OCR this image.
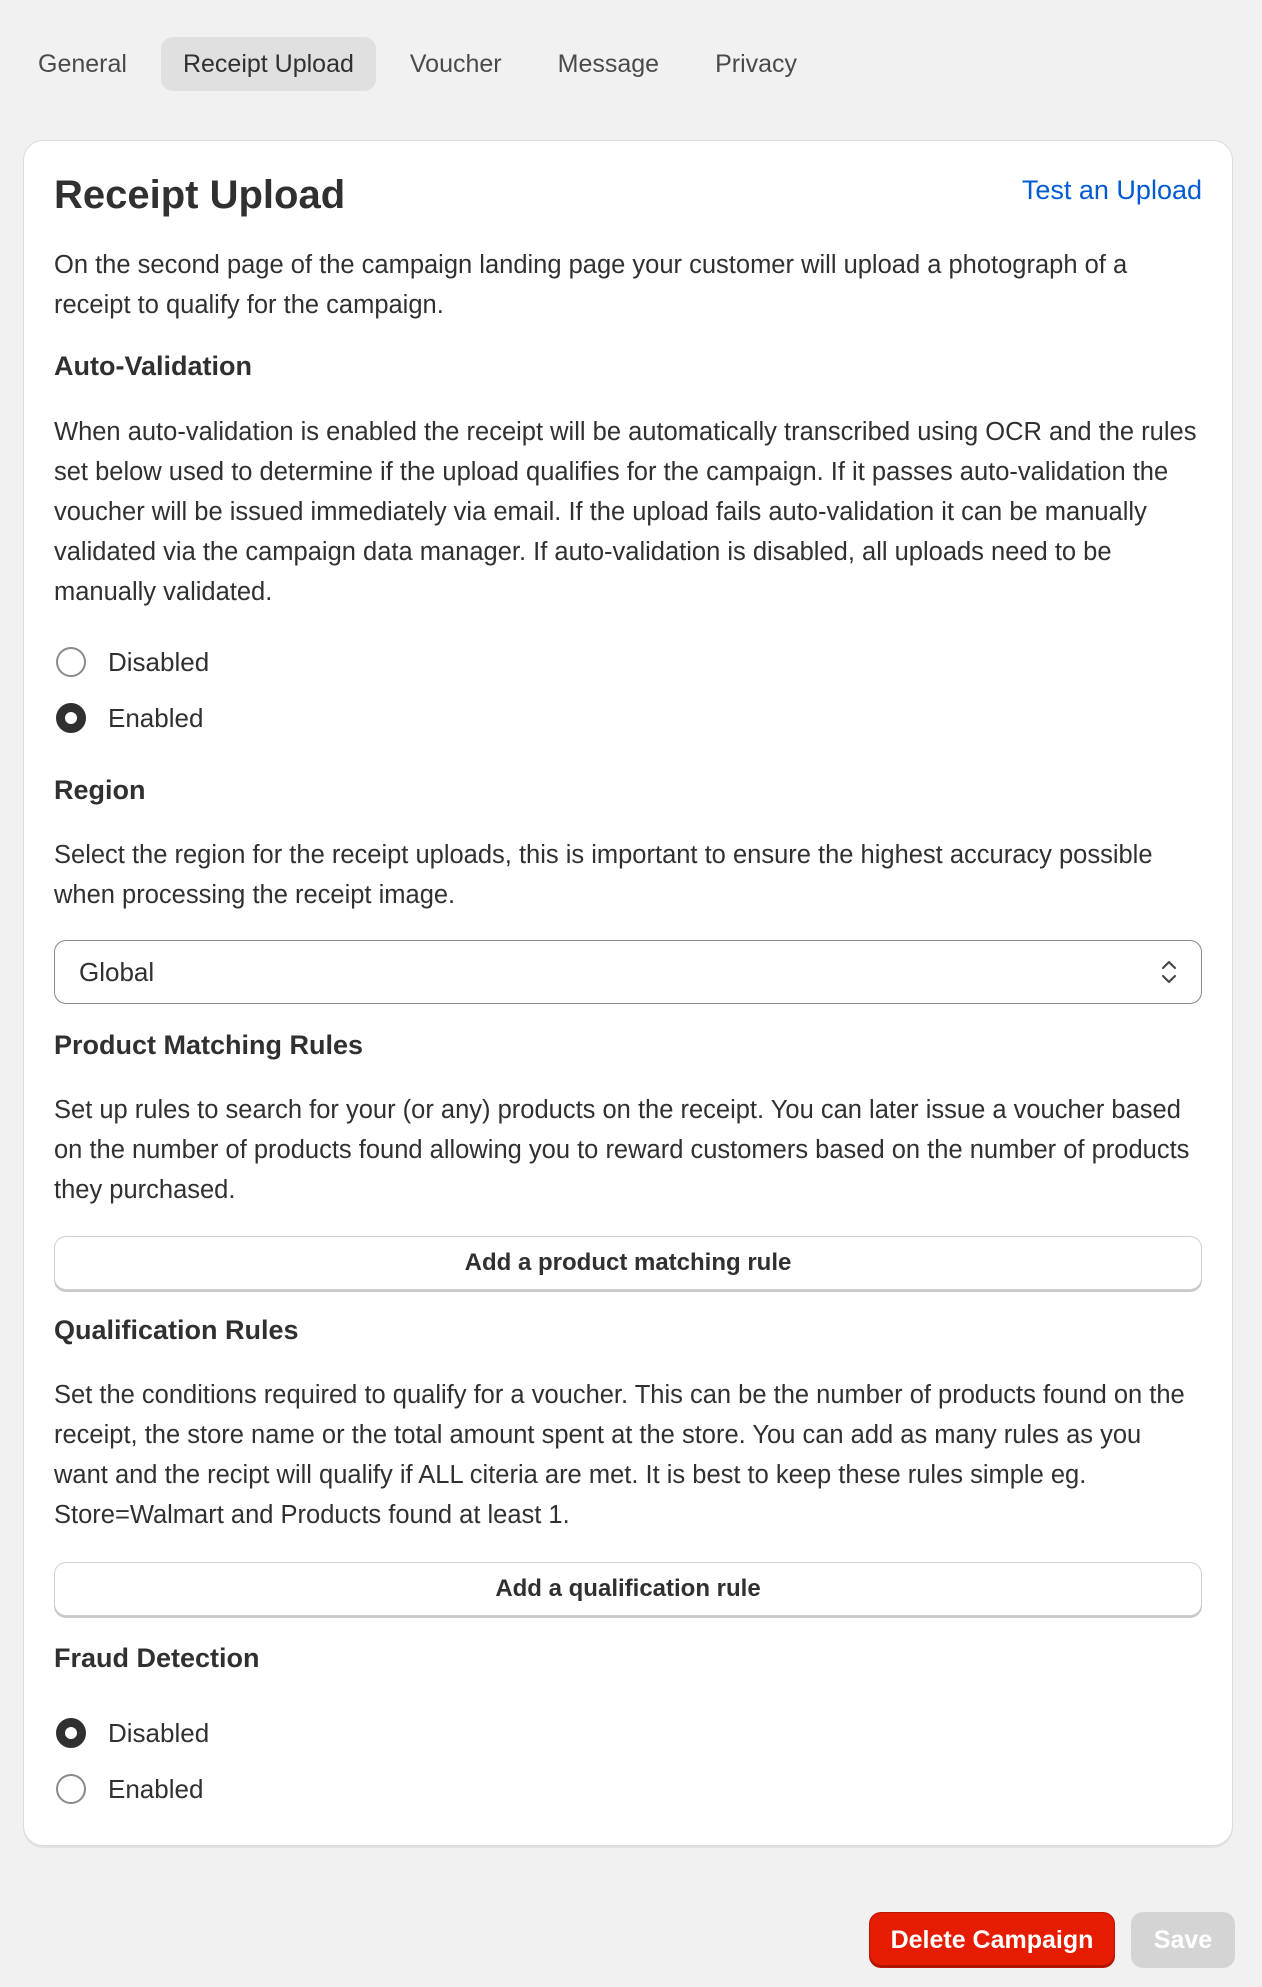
General	Receipt Upload	Voucher	Message	Privacy
Receipt Upload	Test an Upload

On the second page of the campaign landing page your customer will upload a photograph of a receipt to qualify for the campaign.

Auto-Validation

When auto-validation is enabled the receipt will be automatically transcribed using OCR and the rules set below used to determine if the upload qualifies for the campaign. If it passes auto-validation the voucher will be issued immediately via email. If the upload fails auto-validation it can be manually validated via the campaign data manager. If auto-validation is disabled, all uploads need to be manually validated.

Disabled
Enabled
Region

Select the region for the receipt uploads, this is important to ensure the highest accuracy possible when processing the receipt image.

Global
Product Matching Rules

Set up rules to search for your (or any) products on the receipt. You can later issue a voucher based on the number of products found allowing you to reward customers based on the number of products they purchased.

Add a product matching rule
Qualification Rules

Set the conditions required to qualify for a voucher. This can be the number of products found on the receipt, the store name or the total amount spent at the store. You can add as many rules as you want and the recipt will qualify if ALL citeria are met. It is best to keep these rules simple eg. Store=Walmart and Products found at least 1.

Add a qualification rule
Fraud Detection
Disabled
Enabled
Delete Campaign	Save
